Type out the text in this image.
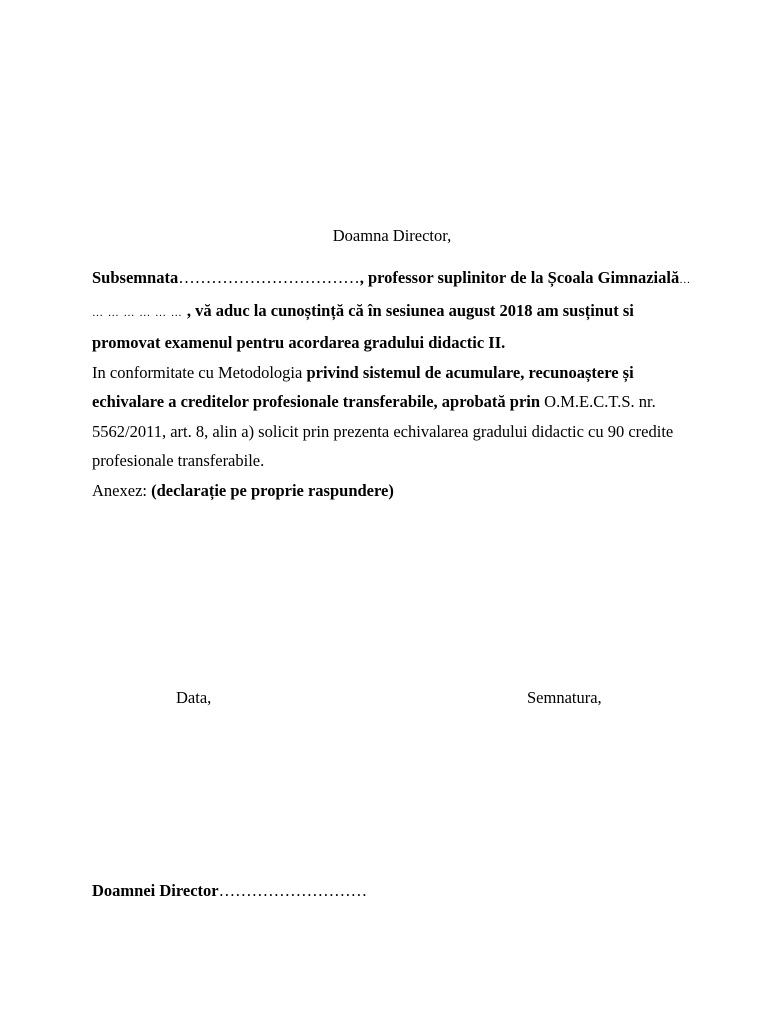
Doamna Director,

Subsemnata……………………………, professor suplinitor de la Școala Gimnazială… … … … … … … , vă aduc la cunoștință că în sesiunea august 2018 am susținut si promovat examenul pentru acordarea gradului didactic II.

In conformitate cu Metodologia privind sistemul de acumulare, recunoaștere și echivalare a creditelor profesionale transferabile, aprobată prin O.M.E.C.T.S. nr. 5562/2011, art. 8, alin a) solicit prin prezenta echivalarea gradului didactic cu 90 credite profesionale transferabile.

Anexez: (declarație pe proprie raspundere)

Data,	Semnatura,
Doamnei Director………………………
